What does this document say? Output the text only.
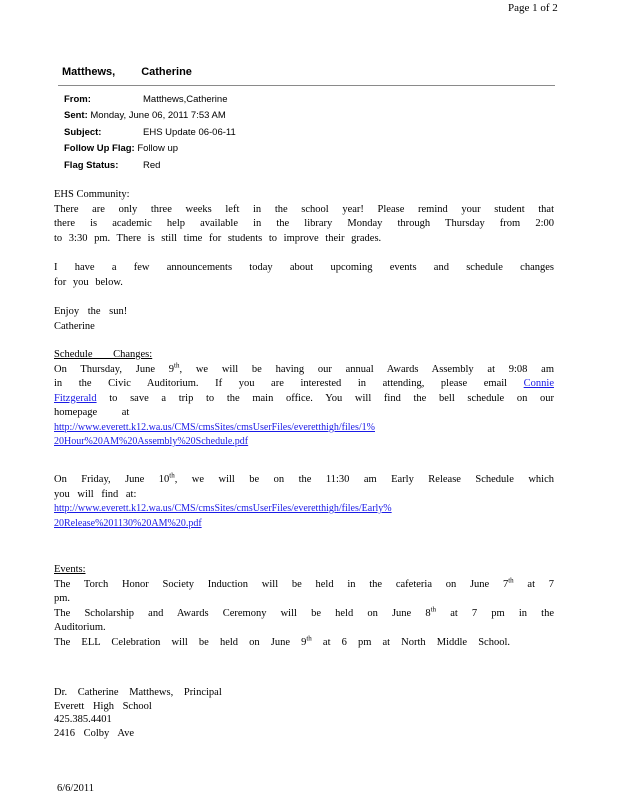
Page 1 of 2
Matthews, Catherine
From:	Matthews,Catherine
Sent: Monday, June 06, 2011 7:53 AM
Subject:	EHS Update 06-06-11
Follow Up Flag: Follow up
Flag Status:	Red
EHS Community:
There are only three weeks left in the school year! Please remind your student that
there is academic help available in the library Monday through Thursday from 2:00
to 3:30 pm. There is still time for students to improve their grades.
I have a few announcements today about upcoming events and schedule changes
for you below.
Enjoy the sun!
Catherine
Schedule Changes:
On Thursday, June 9th, we will be having our annual Awards Assembly at 9:08 am
in the Civic Auditorium. If you are interested in attending, please email Connie
Fitzgerald to save a trip to the main office. You will find the bell schedule on our
homepage at
http://www.everett.k12.wa.us/CMS/cmsSites/cmsUserFiles/everetthigh/files/1%
20Hour%20AM%20Assembly%20Schedule.pdf
On Friday, June 10th, we will be on the 11:30 am Early Release Schedule which
you will find at:
http://www.everett.k12.wa.us/CMS/cmsSites/cmsUserFiles/everetthigh/files/Early%
20Release%201130%20AM%20.pdf
Events:
The Torch Honor Society Induction will be held in the cafeteria on June 7th at 7
pm.
The Scholarship and Awards Ceremony will be held on June 8th at 7 pm in the
Auditorium.
The ELL Celebration will be held on June 9th at 6 pm at North Middle School.
Dr. Catherine Matthews, Principal
Everett High School
425.385.4401
2416 Colby Ave
6/6/2011
